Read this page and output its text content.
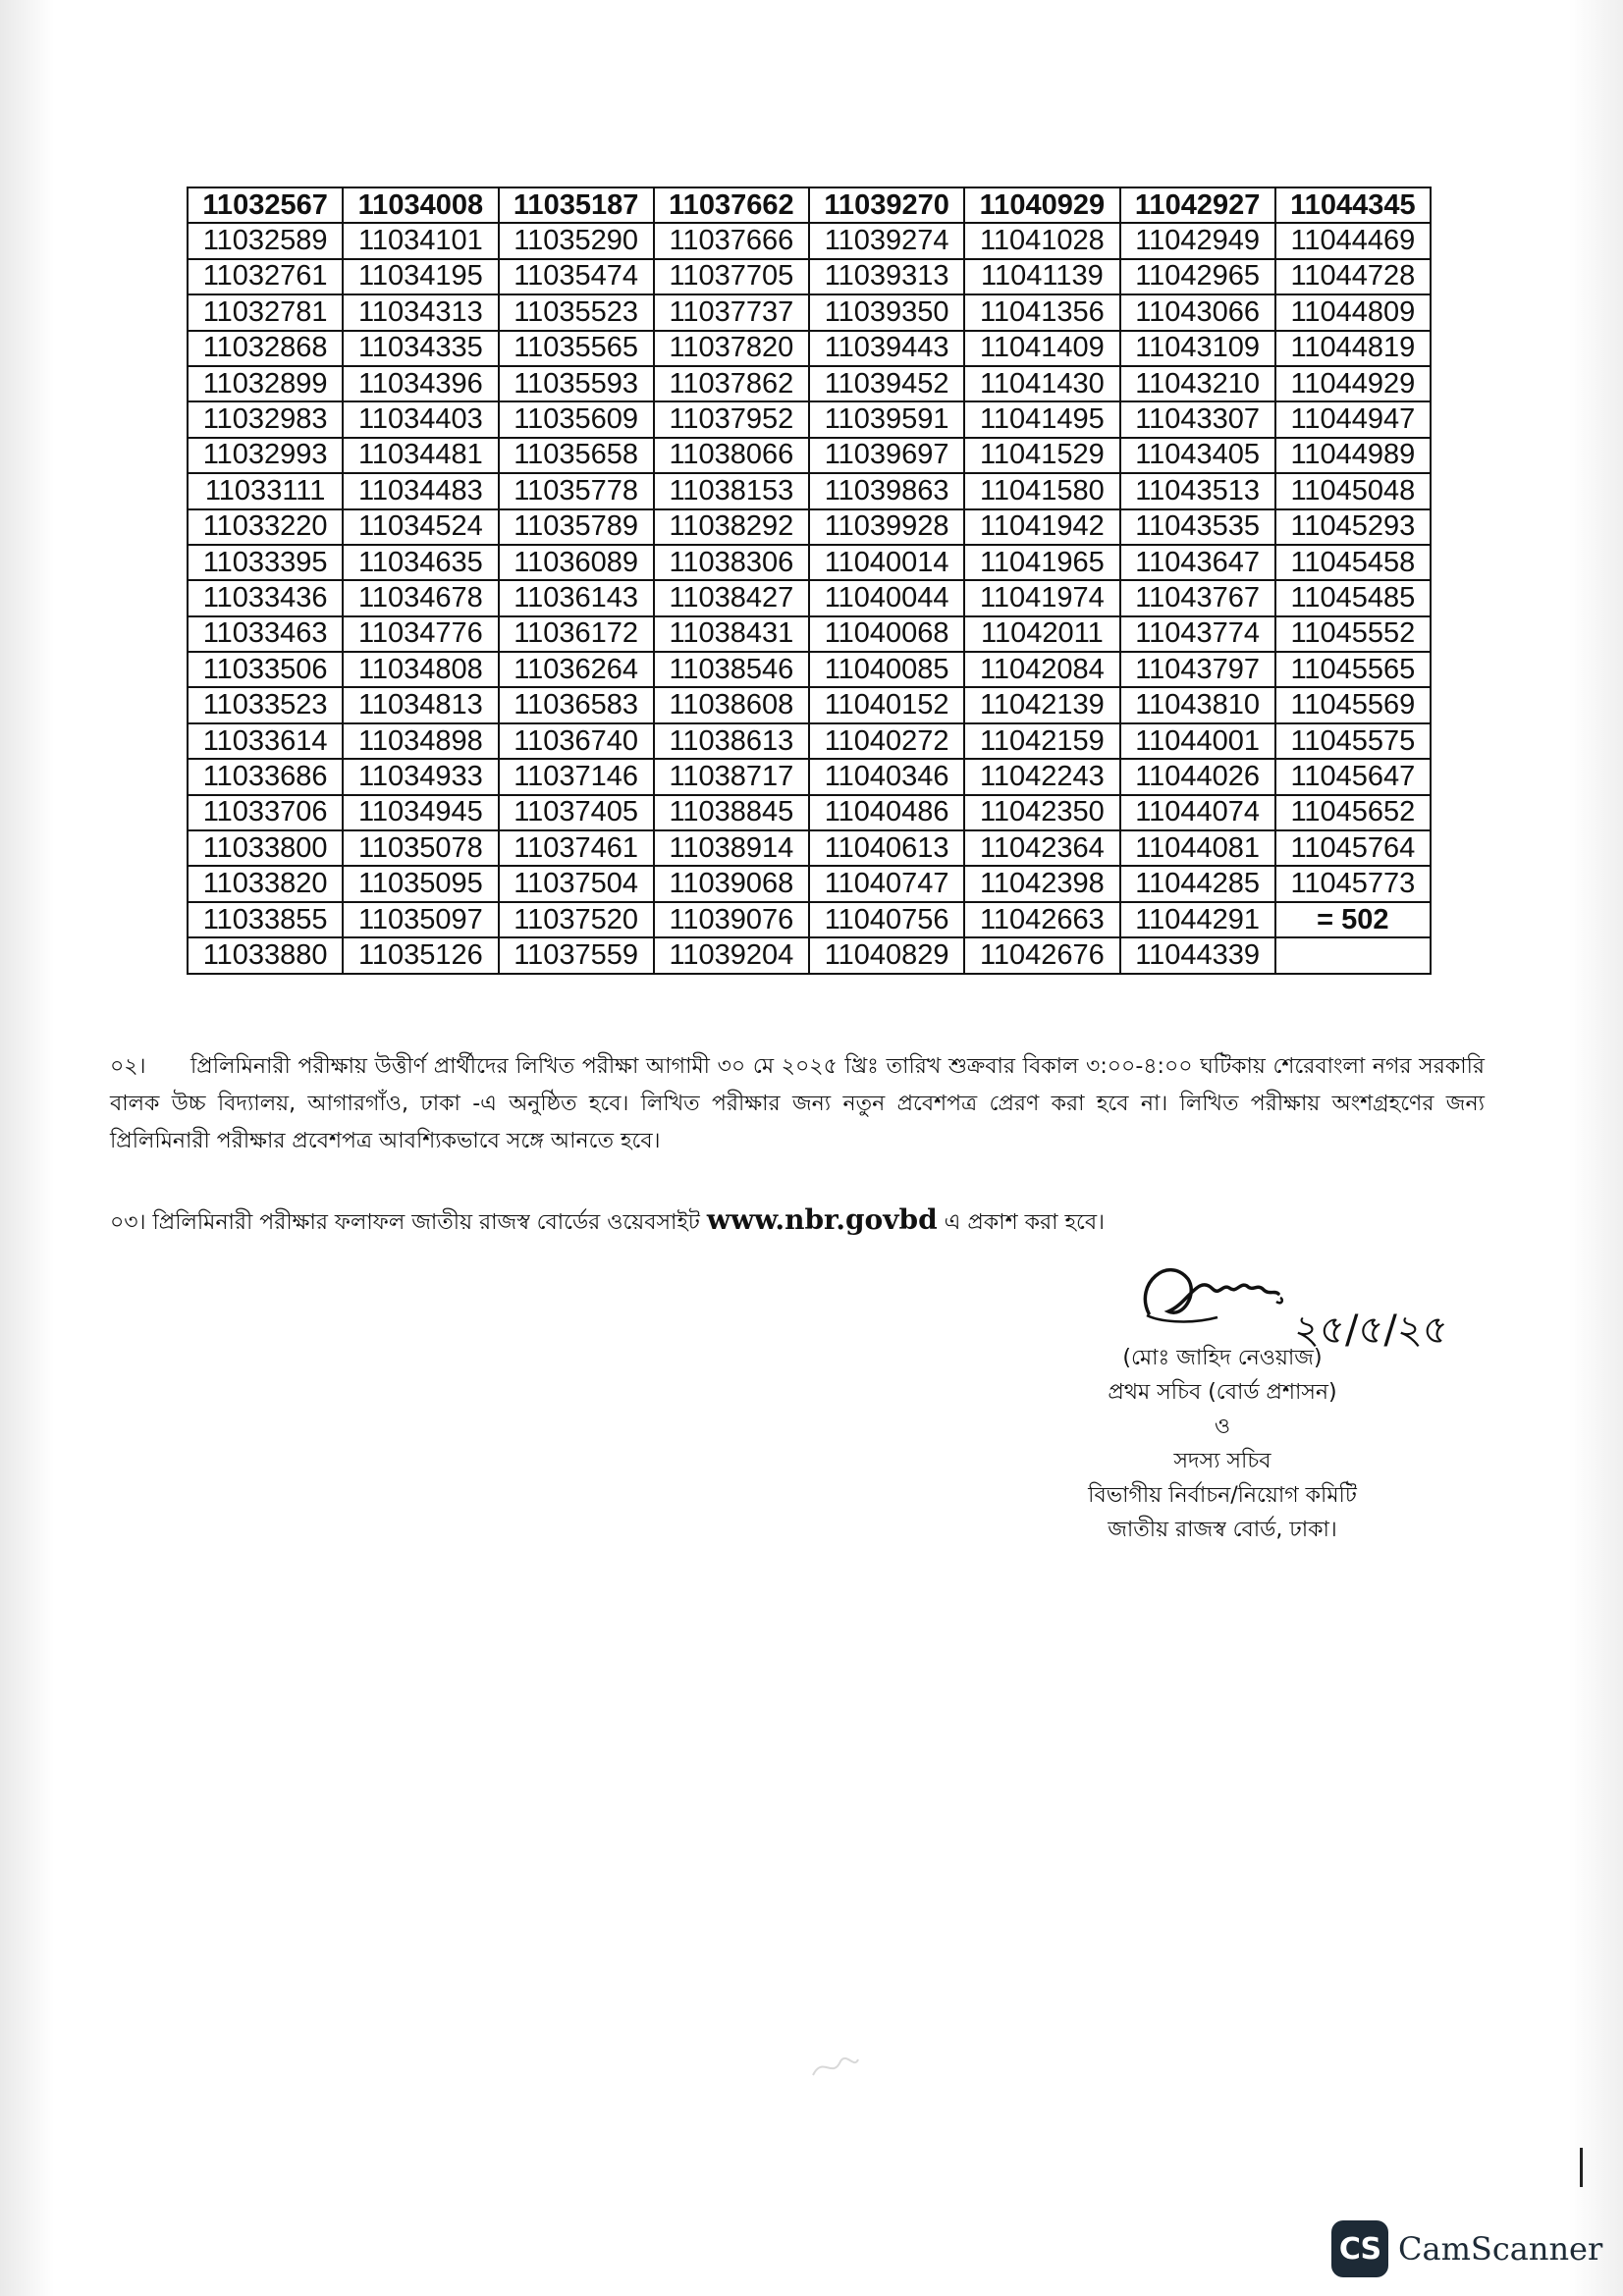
11032567	11034008	11035187	11037662	11039270	11040929	11042927	11044345
11032589	11034101	11035290	11037666	11039274	11041028	11042949	11044469
11032761	11034195	11035474	11037705	11039313	11041139	11042965	11044728
11032781	11034313	11035523	11037737	11039350	11041356	11043066	11044809
11032868	11034335	11035565	11037820	11039443	11041409	11043109	11044819
11032899	11034396	11035593	11037862	11039452	11041430	11043210	11044929
11032983	11034403	11035609	11037952	11039591	11041495	11043307	11044947
11032993	11034481	11035658	11038066	11039697	11041529	11043405	11044989
11033111	11034483	11035778	11038153	11039863	11041580	11043513	11045048
11033220	11034524	11035789	11038292	11039928	11041942	11043535	11045293
11033395	11034635	11036089	11038306	11040014	11041965	11043647	11045458
11033436	11034678	11036143	11038427	11040044	11041974	11043767	11045485
11033463	11034776	11036172	11038431	11040068	11042011	11043774	11045552
11033506	11034808	11036264	11038546	11040085	11042084	11043797	11045565
11033523	11034813	11036583	11038608	11040152	11042139	11043810	11045569
11033614	11034898	11036740	11038613	11040272	11042159	11044001	11045575
11033686	11034933	11037146	11038717	11040346	11042243	11044026	11045647
11033706	11034945	11037405	11038845	11040486	11042350	11044074	11045652
11033800	11035078	11037461	11038914	11040613	11042364	11044081	11045764
11033820	11035095	11037504	11039068	11040747	11042398	11044285	11045773
11033855	11035097	11037520	11039076	11040756	11042663	11044291	= 502
11033880	11035126	11037559	11039204	11040829	11042676	11044339	
০২। প্রিলিমিনারী পরীক্ষায় উত্তীর্ণ প্রার্থীদের লিখিত পরীক্ষা আগামী ৩০ মে ২০২৫ খ্রিঃ তারিখ শুক্রবার বিকাল ৩:০০-৪:০০ ঘটিকায় শেরেবাংলা নগর সরকারি বালক উচ্চ বিদ্যালয়, আগারগাঁও, ঢাকা -এ অনুষ্ঠিত হবে। লিখিত পরীক্ষার জন্য নতুন প্রবেশপত্র প্রেরণ করা হবে না। লিখিত পরীক্ষায় অংশগ্রহণের জন্য প্রিলিমিনারী পরীক্ষার প্রবেশপত্র আবশ্যিকভাবে সঙ্গে আনতে হবে।
০৩। প্রিলিমিনারী পরীক্ষার ফলাফল জাতীয় রাজস্ব বোর্ডের ওয়েবসাইট www.nbr.govbd এ প্রকাশ করা হবে।
২৫/৫/২৫
(মোঃ জাহিদ নেওয়াজ)
প্রথম সচিব (বোর্ড প্রশাসন)
ও
সদস্য সচিব
বিভাগীয় নির্বাচন/নিয়োগ কমিটি
জাতীয় রাজস্ব বোর্ড, ঢাকা।
CS CamScanner
